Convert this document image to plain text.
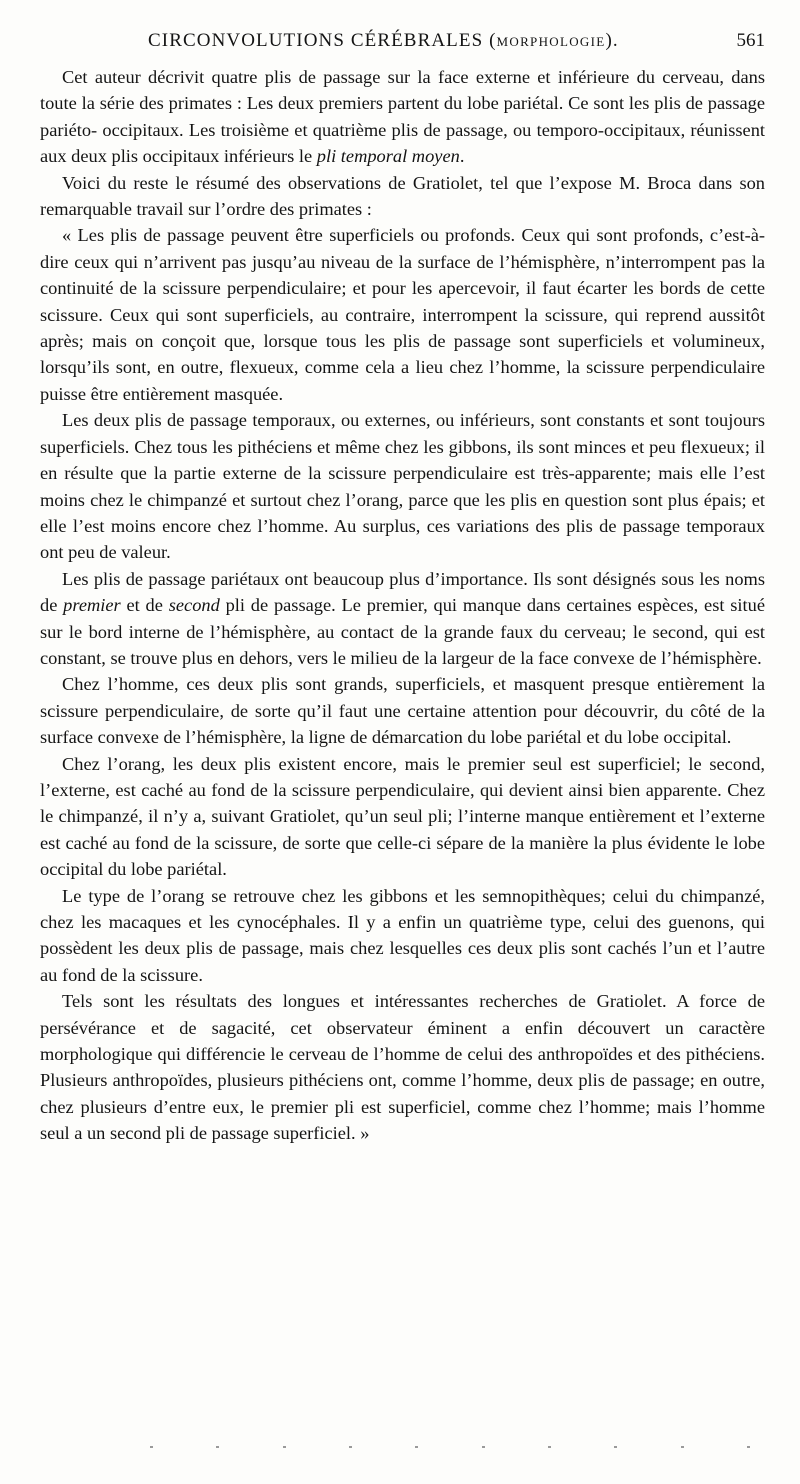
CIRCONVOLUTIONS CÉRÉBRALES (MORPHOLOGIE).	561

Cet auteur décrivit quatre plis de passage sur la face externe et inférieure du cerveau, dans toute la série des primates : Les deux premiers partent du lobe pariétal. Ce sont les plis de passage pariéto- occipitaux. Les troisième et quatrième plis de passage, ou temporo-occipitaux, réunissent aux deux plis occipitaux inférieurs le pli temporal moyen.

Voici du reste le résumé des observations de Gratiolet, tel que l’expose M. Broca dans son remarquable travail sur l’ordre des primates :

« Les plis de passage peuvent être superficiels ou profonds. Ceux qui sont profonds, c’est-à-dire ceux qui n’arrivent pas jusqu’au niveau de la surface de l’hémisphère, n’interrompent pas la continuité de la scissure perpendiculaire; et pour les apercevoir, il faut écarter les bords de cette scissure. Ceux qui sont superficiels, au contraire, interrompent la scissure, qui reprend aussitôt après; mais on conçoit que, lorsque tous les plis de passage sont superficiels et volumineux, lorsqu’ils sont, en outre, flexueux, comme cela a lieu chez l’homme, la scissure perpendiculaire puisse être entièrement masquée.

Les deux plis de passage temporaux, ou externes, ou inférieurs, sont constants et sont toujours superficiels. Chez tous les pithéciens et même chez les gibbons, ils sont minces et peu flexueux; il en résulte que la partie externe de la scissure perpendiculaire est très-apparente; mais elle l’est moins chez le chimpanzé et surtout chez l’orang, parce que les plis en question sont plus épais; et elle l’est moins encore chez l’homme. Au surplus, ces variations des plis de passage temporaux ont peu de valeur.

Les plis de passage pariétaux ont beaucoup plus d’importance. Ils sont désignés sous les noms de premier et de second pli de passage. Le premier, qui manque dans certaines espèces, est situé sur le bord interne de l’hémisphère, au contact de la grande faux du cerveau; le second, qui est constant, se trouve plus en dehors, vers le milieu de la largeur de la face convexe de l’hémisphère.

Chez l’homme, ces deux plis sont grands, superficiels, et masquent presque entièrement la scissure perpendiculaire, de sorte qu’il faut une certaine attention pour découvrir, du côté de la surface convexe de l’hémisphère, la ligne de démarcation du lobe pariétal et du lobe occipital.

Chez l’orang, les deux plis existent encore, mais le premier seul est superficiel; le second, l’externe, est caché au fond de la scissure perpendiculaire, qui devient ainsi bien apparente. Chez le chimpanzé, il n’y a, suivant Gratiolet, qu’un seul pli; l’interne manque entièrement et l’externe est caché au fond de la scissure, de sorte que celle-ci sépare de la manière la plus évidente le lobe occipital du lobe pariétal.

Le type de l’orang se retrouve chez les gibbons et les semnopithèques; celui du chimpanzé, chez les macaques et les cynocéphales. Il y a enfin un quatrième type, celui des guenons, qui possèdent les deux plis de passage, mais chez lesquelles ces deux plis sont cachés l’un et l’autre au fond de la scissure.

Tels sont les résultats des longues et intéressantes recherches de Gratiolet. A force de persévérance et de sagacité, cet observateur éminent a enfin découvert un caractère morphologique qui différencie le cerveau de l’homme de celui des anthropoïdes et des pithéciens. Plusieurs anthropoïdes, plusieurs pithéciens ont, comme l’homme, deux plis de passage; en outre, chez plusieurs d’entre eux, le premier pli est superficiel, comme chez l’homme; mais l’homme seul a un second pli de passage superficiel. »
